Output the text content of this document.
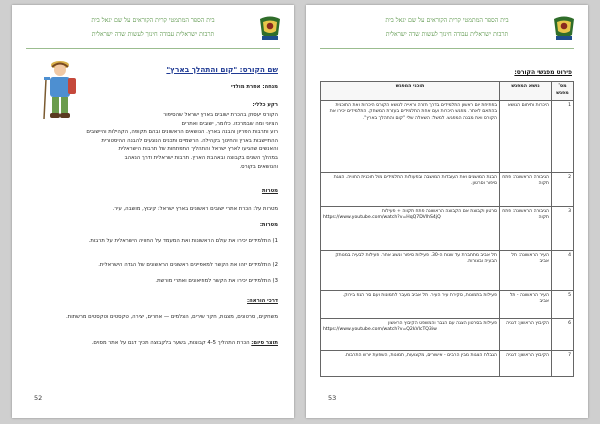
בית הספר המתמטי קרית הקוראים על שם יגאל בית
תרבות ישראלית עבודה חינוך לעשות שדה ישראלית
שם הקורס: "קום והתהלך בארץ"
מנחה: אפרת מולדי
רקע כללי:
הקורס יעסוק בהכרת ישובים בארץ ישראל שהסיפור
הציוני ומה שבמרכזו. כלומר, ישובים ואתרים
רוע ותרבות הפריון והבנה בארץ. הנושאים הראשונים ובהם תקופה, הקהילות והיישובים
ההתיישבות בארץ והחינוך בקהילה. הרשמיים ותכנים הנוגעים להבנה ההיסטורית
והאנשים שהגיעו לארץ ישראל והתהליך התפתחות של תרבות הישראלית
במהלך השנים בקבוצה ובאהבת הארץ. תרבות ישראלית ודרך הנאהב
והנושאים בקורס.
מטרות
מטרות על: הכרת אתרי ישובים ראשונים בארץ ישראל: קיבוץ, מושבה, עיר.
מטרות:
1) התלמידים יכירו את עולם הראשונות ואת המעמד על החוויה הישראלית על תרבות.
2) התלמידים יזהו את הקשר למאפיינים ראשונים הראשונים של הגדה הישראלית.
3) התלמידים יכירו את הקשר למוזיאונים ואתרי מורשת.
דרכי הוראה:
משחקים, סרטונים, מצגות, חקר שירים, הצלמים — אחרים, יצירה, טקסטים וטקסטים מרשתות.
תוצר סיום: הכרת התהליך 4-5 קבוצות, בשער בלקבוצה תכיך דגם על אתר מסוים.
52
בית הספר המתמטי קרית הקוראים על שם יגאל בית
תרבות ישראלית עבודה חינוך לעשות שדה ישראלית
פירוט מפגשי הקורס:
מס' מפגש	נושא המפגש	תוכני המפגש
1	היכרות ותיחום הנושא	בפתיחת יום ראשון התלמידים בדרך חזרה וראייה לנושא הקורס היכרות ואת התוכנית בהתאם לאתר. מפגש היכרות ועם אחת התלמידים בעזרת המשחק. התלמידים יכירו את הקורס ואת מבנה המפגש. למשל: השאלה שלי "קום והתהלך בארץ".
2	הגיבורה הראשונה: פתח תקוה	הבנת המושגים ואת העובדות המושבה ובפעולות התלמידים מול תוכנית החוויה. הצגת סיפור וסרטון.
3	הגיבורה הראשונה: פתח תקוה	סרטון וקבוצת אם הקבוצה הראשונה פתח תקווה + פעילות
https://www.youtube.com/watch?v=HqQ7DVlhS4jQ

4	העיר הראשונה: תל אביב	תל אביב מתחברת עד שנות ה-30. פעילות סיפור ונשוג אחר. פעילות לבעיה במנותק הבעיה ובצורות.
5	העיר הראשונה - תל אביב	פעילות בתמונות, סקירת עיר העיר. תל אביב מעבר לתמונות ועם סר הנפ בירוק.
6	הקיבוץ הראשון: דגניה	פעילות בסרטון הצגה עם הגבר והמשפט הקיבוץ הראשון
https://www.youtube.com/watch?v=Q2kVlcTQ3iw

7	הקיבוץ הראשון: דגניה	הגבלת הצגות מבין הרבים - אישורים, מקצועות, תמונות, השפעת יורש התרבות.
53
